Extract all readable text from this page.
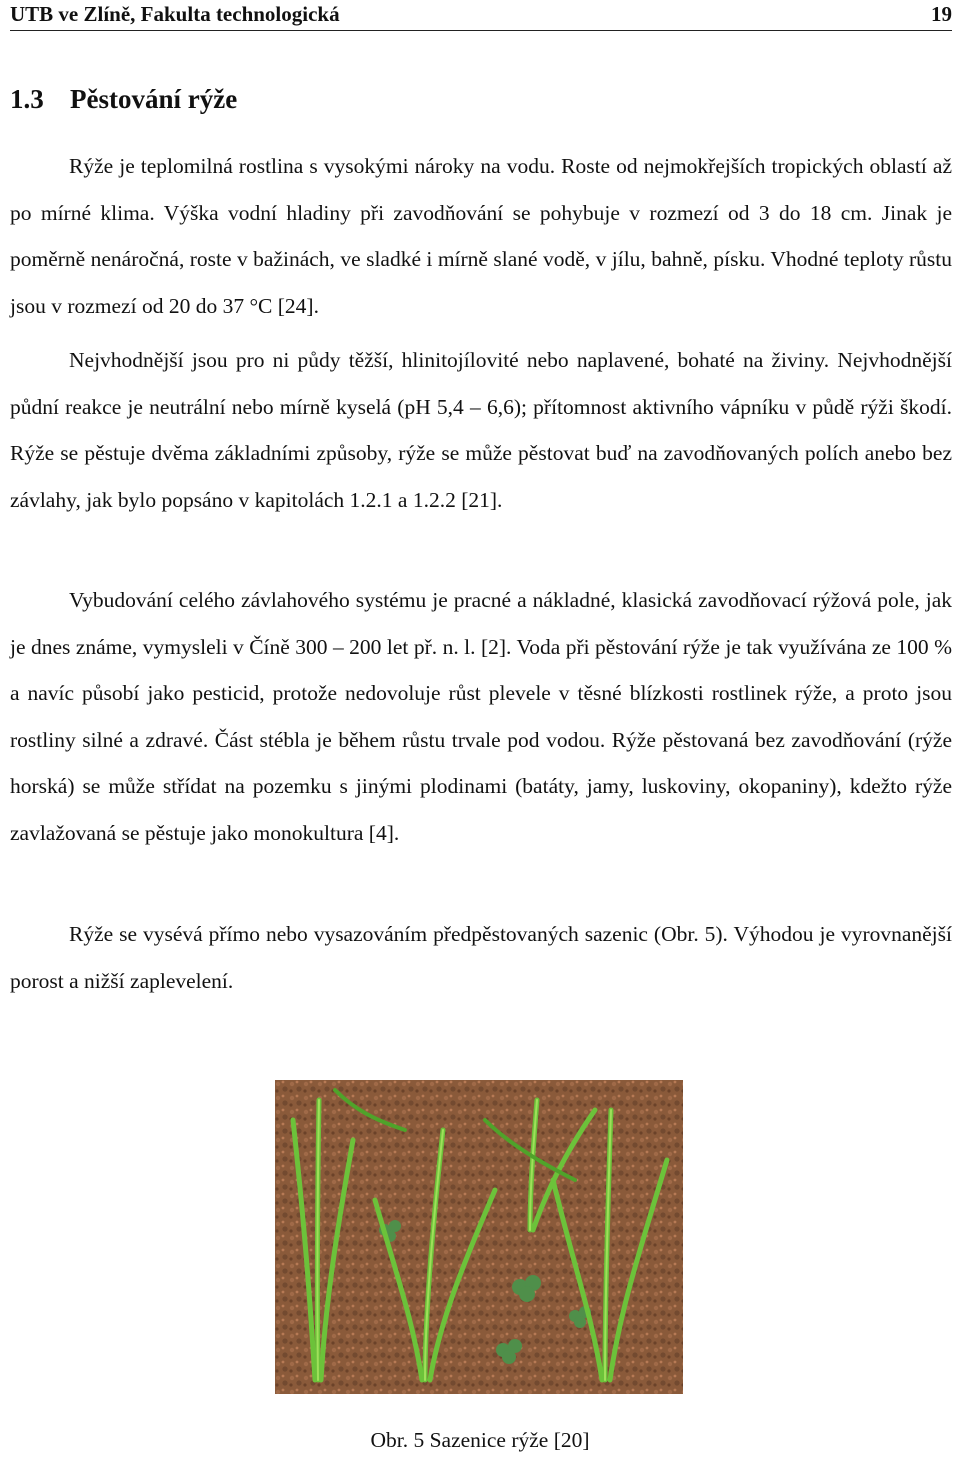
UTB ve Zlíně, Fakulta technologická	19
1.3 Pěstování rýže

Rýže je teplomilná rostlina s vysokými nároky na vodu. Roste od nejmokřejších tropických oblastí až po mírné klima. Výška vodní hladiny při zavodňování se pohybuje v rozmezí od 3 do 18 cm. Jinak je poměrně nenáročná, roste v bažinách, ve sladké i mírně slané vodě, v jílu, bahně, písku. Vhodné teploty růstu jsou v rozmezí od 20 do 37 °C [24].

Nejvhodnější jsou pro ni půdy těžší, hlinitojílovité nebo naplavené, bohaté na živiny. Nejvhodnější půdní reakce je neutrální nebo mírně kyselá (pH 5,4 – 6,6); přítomnost aktivního vápníku v půdě rýži škodí. Rýže se pěstuje dvěma základními způsoby, rýže se může pěstovat buď na zavodňovaných polích anebo bez závlahy, jak bylo popsáno v kapitolách 1.2.1 a 1.2.2 [21].

Vybudování celého závlahového systému je pracné a nákladné, klasická zavodňovací rýžová pole, jak je dnes známe, vymysleli v Číně 300 – 200 let př. n. l. [2]. Voda při pěstování rýže je tak využívána ze 100 % a navíc působí jako pesticid, protože nedovoluje růst plevele v těsné blízkosti rostlinek rýže, a proto jsou rostliny silné a zdravé. Část stébla je během růstu trvale pod vodou. Rýže pěstovaná bez zavodňování (rýže horská) se může střídat na pozemku s jinými plodinami (batáty, jamy, luskoviny, okopaniny), kdežto rýže zavlažovaná se pěstuje jako monokultura [4].

Rýže se vysévá přímo nebo vysazováním předpěstovaných sazenic (Obr. 5). Výhodou je vyrovnanější porost a nižší zaplevelení.

Obr. 5 Sazenice rýže [20]
